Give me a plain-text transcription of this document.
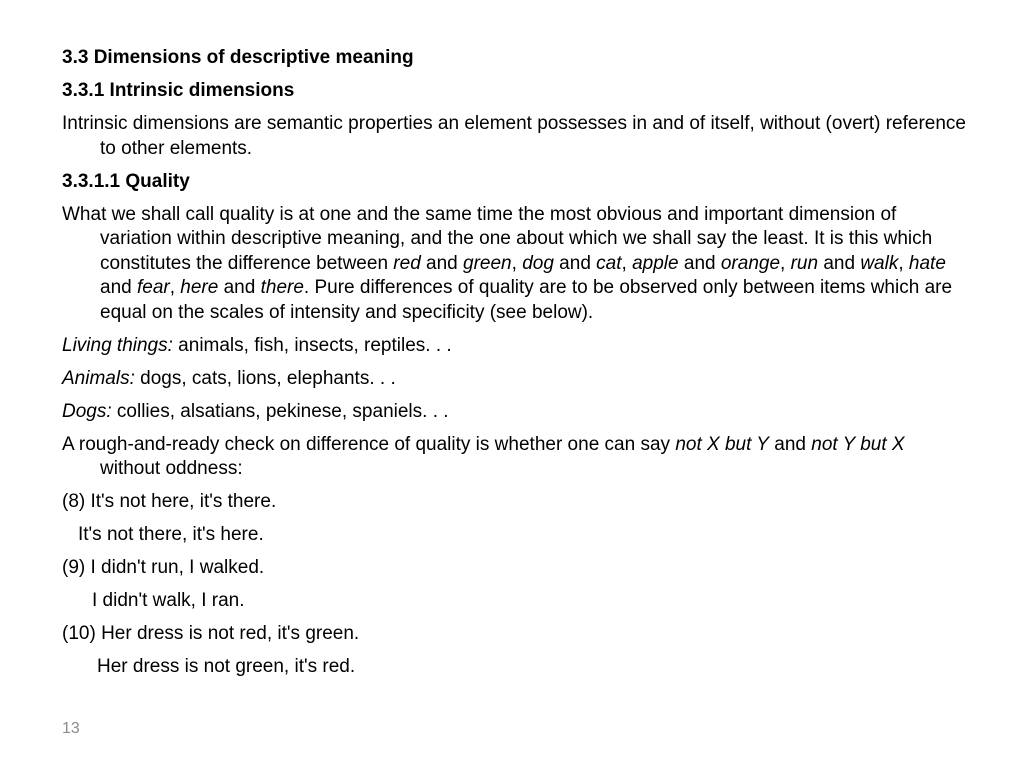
3.3 Dimensions of descriptive meaning

3.3.1 Intrinsic dimensions

Intrinsic dimensions are semantic properties an element possesses in and of itself, without (overt) reference to other elements.

3.3.1.1 Quality

What we shall call quality is at one and the same time the most obvious and important dimension of variation within descriptive meaning, and the one about which we shall say the least. It is this which constitutes the difference between red and green, dog and cat, apple and orange, run and walk, hate and fear, here and there. Pure differences of quality are to be observed only between items which are equal on the scales of intensity and specificity (see below).

Living things: animals, fish, insects, reptiles. . .

Animals: dogs, cats, lions, elephants. . .

Dogs: collies, alsatians, pekinese, spaniels. . .

A rough-and-ready check on difference of quality is whether one can say not X but Y and not Y but X without oddness:

(8) It's not here, it's there.

It's not there, it's here.

(9) I didn't run, I walked.

I didn't walk, I ran.

(10) Her dress is not red, it's green.

Her dress is not green, it's red.

13
